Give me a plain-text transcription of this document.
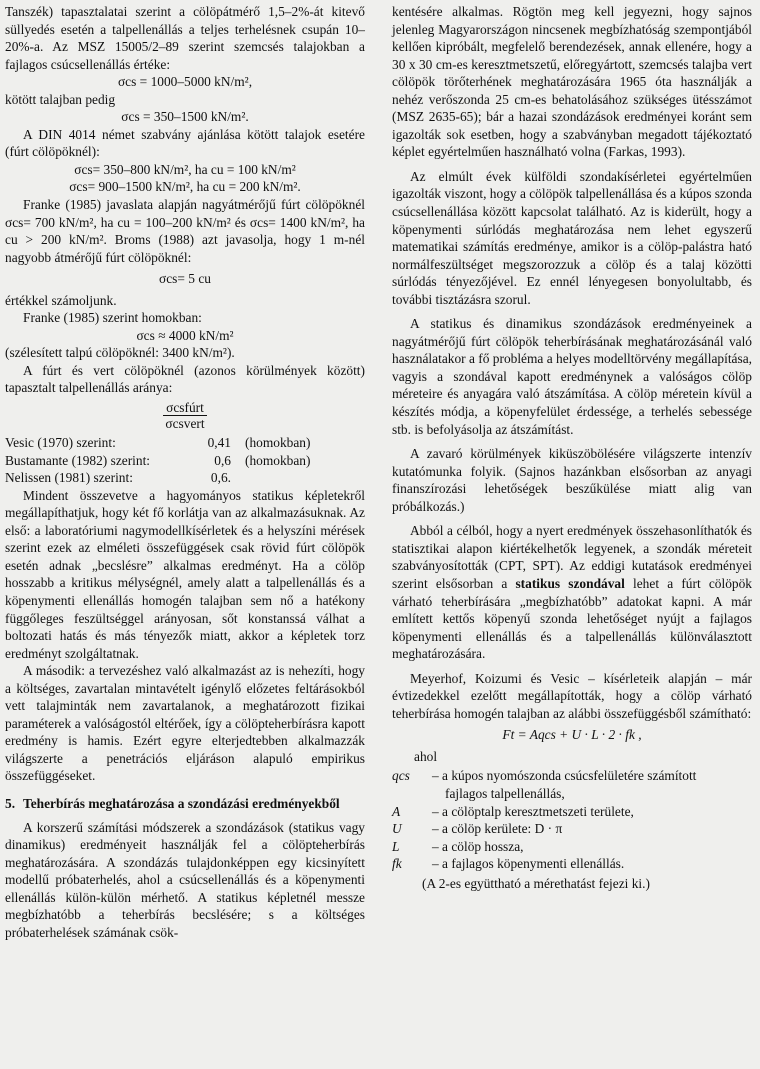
Tanszék) tapasztalatai szerint a cölöpátmérő 1,5–2%-át kitevő süllyedés esetén a talpellenállás a teljes terhelésnek csupán 10–20%-a. Az MSZ 15005/2–89 szerint szemcsés talajokban a fajlagos csúcsellenállás értéke:

σcs = 1000–5000 kN/m²,

kötött talajban pedig

σcs = 350–1500 kN/m².

A DIN 4014 német szabvány ajánlása kötött talajok esetére (fúrt cölöpöknél):

σcs= 350–800 kN/m², ha cu = 100 kN/m²

σcs= 900–1500 kN/m², ha cu = 200 kN/m².

Franke (1985) javaslata alapján nagyátmérőjű fúrt cölöpöknél σcs= 700 kN/m², ha cu = 100–200 kN/m² és σcs= 1400 kN/m², ha cu > 200 kN/m². Broms (1988) azt javasolja, hogy 1 m-nél nagyobb átmérőjű fúrt cölöpöknél:

σcs= 5 cu

értékkel számoljunk.

Franke (1985) szerint homokban:

σcs ≈ 4000 kN/m²

(szélesített talpú cölöpöknél: 3400 kN/m²).

A fúrt és vert cölöpöknél (azonos körülmények között) tapasztalt talpellenállás aránya:

$\frac{\text{σcsfúrt}}{\text{σcsvert}}$

Vesic (1970) szerint:	0,41	(homokban)
Bustamante (1982) szerint:	0,6	(homokban)
Nelissen (1981) szerint:	0,6.

Mindent összevetve a hagyományos statikus képletekről megállapíthatjuk, hogy két fő korlátja van az alkalmazásuknak. Az első: a laboratóriumi nagymodellkísérletek és a helyszíni mérések szerint ezek az elméleti összefüggések csak rövid fúrt cölöpök esetén adnak „becslésre” alkalmas eredményt. Ha a cölöp hosszabb a kritikus mélységnél, amely alatt a talpellenállás és a köpenymenti ellenállás homogén talajban sem nő a hatékony függőleges feszültséggel arányosan, sőt konstanssá válhat a boltozati hatás és más tényezők miatt, akkor a képletek torz eredményt szolgáltatnak.

A második: a tervezéshez való alkalmazást az is nehezíti, hogy a költséges, zavartalan mintavételt igénylő előzetes feltárásokból vett talajminták nem zavartalanok, a meghatározott fizikai paraméterek a valóságostól eltérőek, így a cölöpteherbírásra kapott eredmény is hamis. Ezért egyre elterjedtebben alkalmazzák világszerte a penetrációs eljáráson alapuló empirikus összefüggéseket.

5. Teherbírás meghatározása a szondázási eredményekből

A korszerű számítási módszerek a szondázások (statikus vagy dinamikus) eredményeit használják fel a cölöpteherbírás meghatározására. A szondázás tulajdonképpen egy kicsinyített modellű próbaterhelés, ahol a csúcsellenállás és a köpenymenti ellenállás külön-külön mérhető. A statikus képletnél messze megbízhatóbb a teherbírás becslésére; s a költséges próbaterhelések számának csök-

kentésére alkalmas. Rögtön meg kell jegyezni, hogy sajnos jelenleg Magyarországon nincsenek megbízhatóság szempontjából kellően kipróbált, megfelelő berendezések, annak ellenére, hogy a 30 x 30 cm-es keresztmetszetű, előregyártott, szemcsés talajba vert cölöpök törőterhének meghatározására 1965 óta használják a nehéz verőszonda 25 cm-es behatolásához szükséges ütésszámot (MSZ 2635-65); bár a hazai szondázások eredményei koránt sem igazolták sok esetben, hogy a szabványban megadott tájékoztató képlet egyértelműen használható volna (Farkas, 1993).

Az elmúlt évek külföldi szondakísérletei egyértelműen igazolták viszont, hogy a cölöpök talpellenállása és a kúpos szonda csúcsellenállása között kapcsolat található. Az is kiderült, hogy a köpenymenti súrlódás meghatározása nem lehet egyszerű matematikai számítás eredménye, amikor is a cölöp-palástra ható normálfeszültséget megszorozzuk a cölöp és a talaj közötti súrlódás tényezőjével. Ez ennél lényegesen bonyolultabb, és további tisztázásra szorul.

A statikus és dinamikus szondázások eredményeinek a nagyátmérőjű fúrt cölöpök teherbírásának meghatározásánál való használatakor a fő probléma a helyes modelltörvény megállapítása, vagyis a szondával kapott eredménynek a valóságos cölöp méreteire és anyagára való átszámítása. A cölöp méretein kívül a készítés módja, a köpenyfelület érdessége, a terhelés sebessége stb. is befolyásolja az átszámítást.

A zavaró körülmények kiküszöbölésére világszerte intenzív kutatómunka folyik. (Sajnos hazánkban elsősorban az anyagi finanszírozási lehetőségek beszűkülése miatt alig van próbálkozás.)

Abból a célból, hogy a nyert eredmények összehasonlíthatók és statisztikai alapon kiértékelhetők legyenek, a szondák méreteit szabványosították (CPT, SPT). Az eddigi kutatások eredményei szerint elsősorban a statikus szondával lehet a fúrt cölöpök várható teherbírására „megbízhatóbb” adatokat kapni. A már említett kettős köpenyű szonda lehetőséget nyújt a fajlagos köpenymenti ellenállás és a talpellenállás különválasztott meghatározására.

Meyerhof, Koizumi és Vesic – kísérleteik alapján – már évtizedekkel ezelőtt megállapították, hogy a cölöp várható teherbírása homogén talajban az alábbi összefüggésből számítható:

Ft = Aqcs + U · L · 2 · fk ,

ahol

qcs	– a kúpos nyomószonda csúcsfelületére számított
fajlagos talpellenállás,
A	– a cölöptalp keresztmetszeti területe,
U	– a cölöp kerülete: D · π
L	– a cölöp hossza,
fk	– a fajlagos köpenymenti ellenállás.

(A 2-es együttható a mérethatást fejezi ki.)
